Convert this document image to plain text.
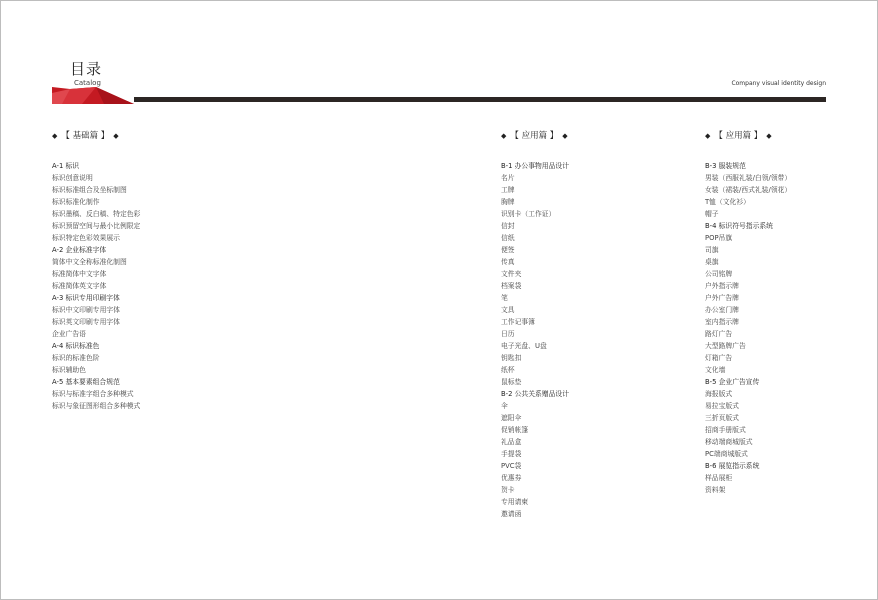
目录
Catalog	Company visual identity design
◆ 【 基础篇 】 ◆
A-1 标识
标识创意说明
标识标准组合及坐标制图
标识标准化制作
标识墨稿、反白稿、特定色彩
标识预留空间与最小比例限定
标识特定色彩效果展示
A-2 企业标准字体
简体中文全称标准化制图
标准简体中文字体
标准简体英文字体
A-3 标识专用印刷字体
标识中文印刷专用字体
标识英文印刷专用字体
企业广告语
A-4 标识标准色
标识的标准色阶
标识辅助色
A-5 基本要素组合规范
标识与标准字组合多种模式
标识与象征图形组合多种模式
◆ 【 应用篇 】 ◆
B-1 办公事物用品设计
名片
工牌
胸牌
识别卡（工作证）
信封
信纸
便签
传真
文件夹
档案袋
笔
文具
工作记事簿
日历
电子光盘、U盘
钥匙扣
纸杯
鼠标垫
B-2 公共关系赠品设计
伞
遮阳伞
促销帐篷
礼品盒
手提袋
PVC袋
优惠券
贺卡
专用请柬
邀请函
◆ 【 应用篇 】 ◆
B-3 服装规范
男装（西服礼装/白领/领带）
女装（裙装/西式礼装/领花）
T恤（文化衫）
帽子
B-4 标识符号指示系统
POP吊旗
司旗
桌旗
公司铭牌
户外指示牌
户外广告牌
办公室门牌
室内指示牌
路灯广告
大型路牌广告
灯箱广告
文化墙
B-5 企业广告宣传
海报版式
易拉宝版式
三折页版式
招商手册版式
移动端商城版式
PC端商城版式
B-6 展览指示系统
样品展柜
资料架
